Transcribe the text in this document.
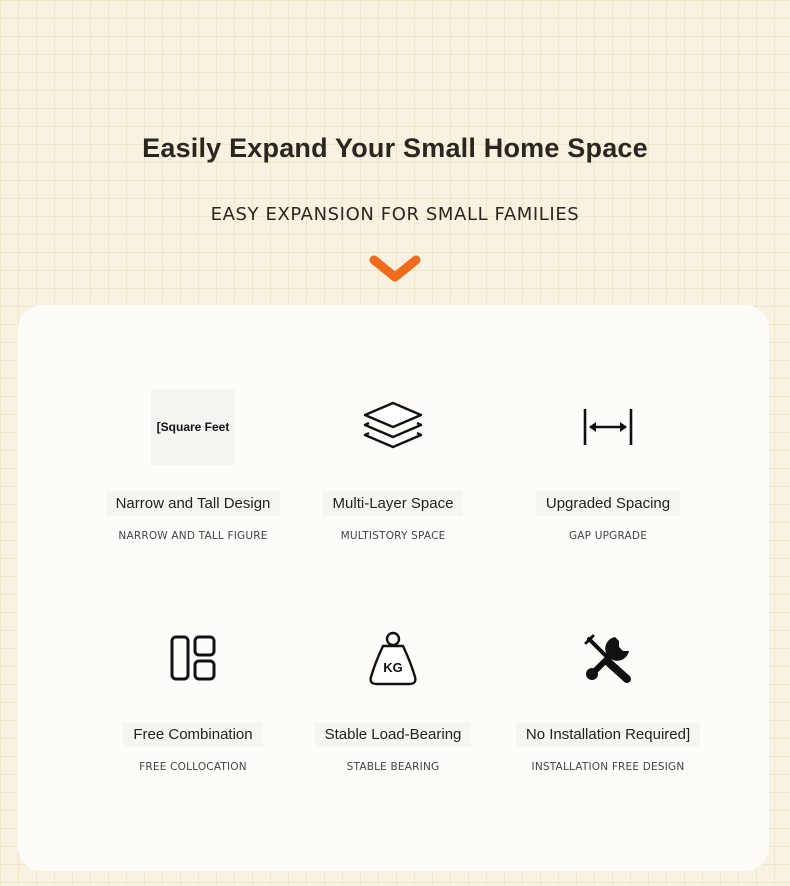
Easily Expand Your Small Home Space
EASY EXPANSION FOR SMALL FAMILIES
[Square Feet
Narrow and Tall Design
NARROW AND TALL FIGURE
Multi-Layer Space
MULTISTORY SPACE
Upgraded Spacing
GAP UPGRADE
Free Combination
FREE COLLOCATION
KG
Stable Load-Bearing
STABLE BEARING
No Installation Required]
INSTALLATION FREE DESIGN
